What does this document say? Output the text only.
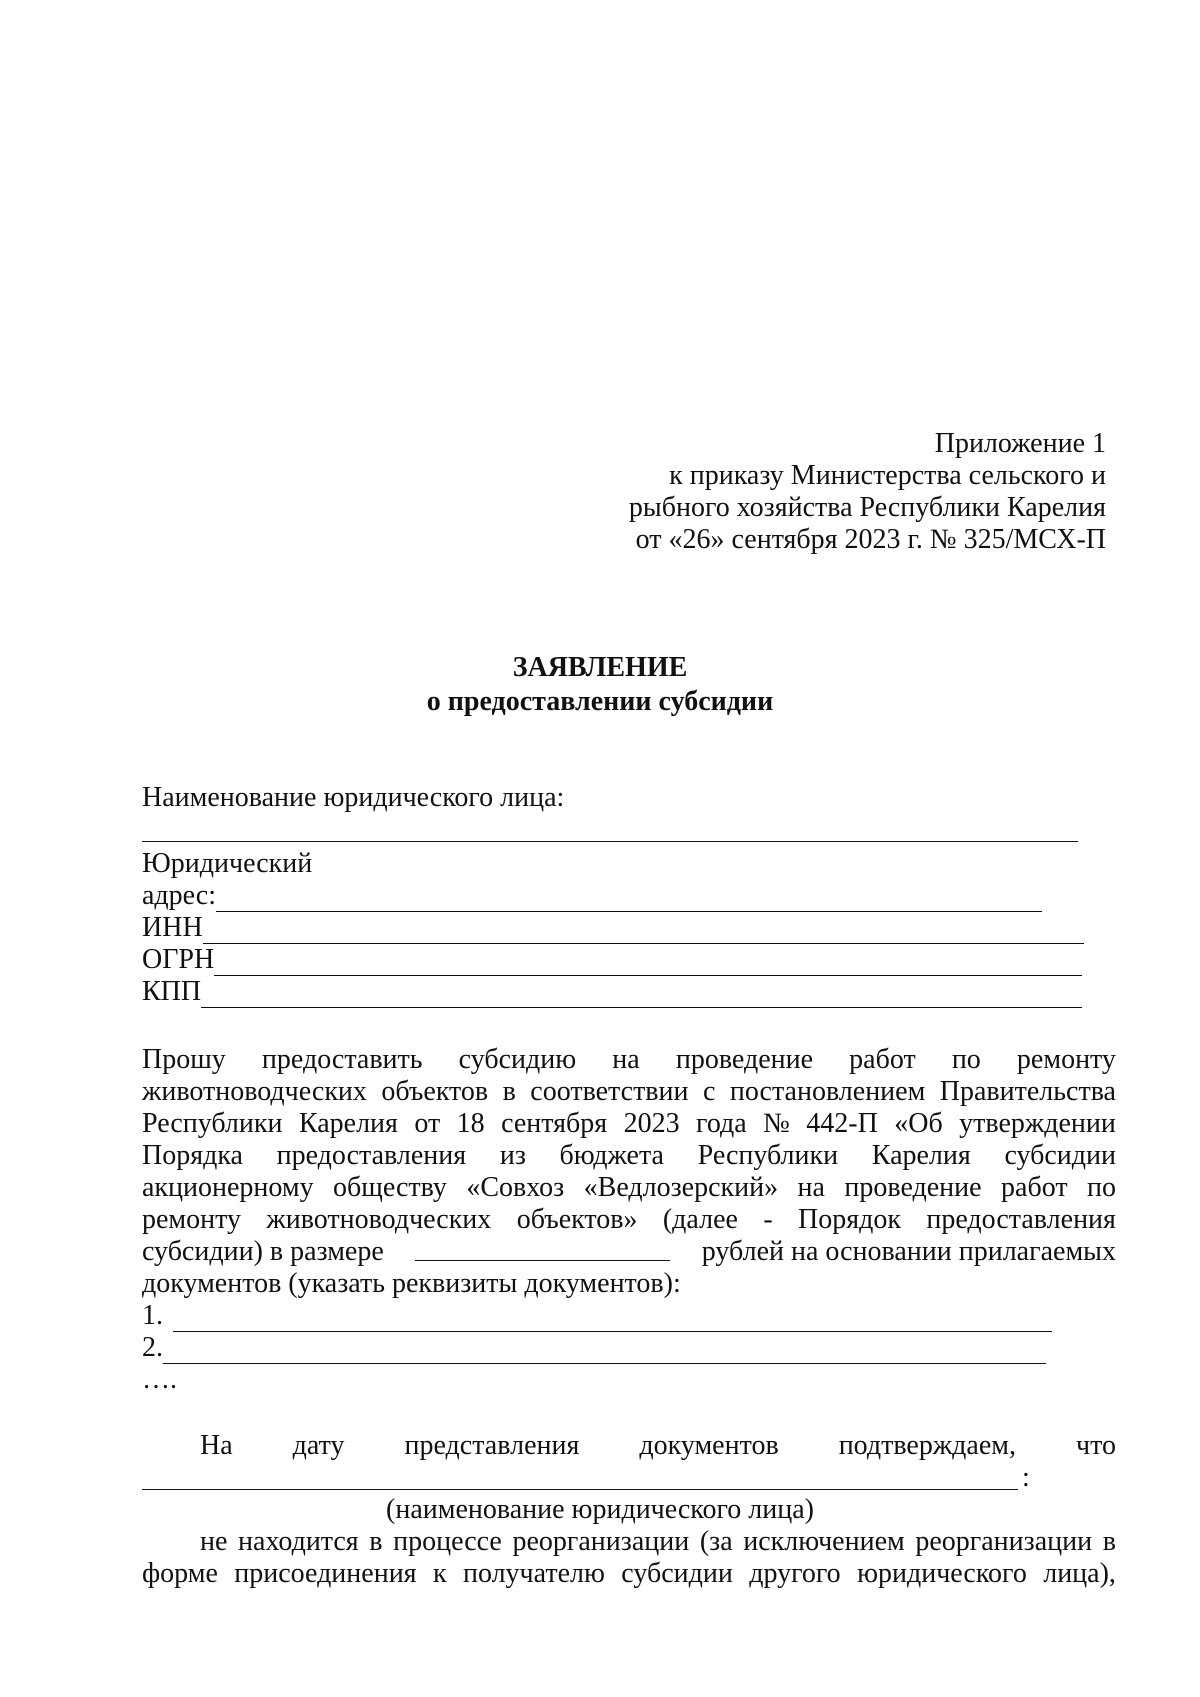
Приложение 1
к приказу Министерства сельского и
рыбного хозяйства Республики Карелия
от «26» сентября 2023 г. № 325/МСХ-П
ЗАЯВЛЕНИЕ
о предоставлении субсидии
Наименование юридического лица:
Юридический
адрес:
ИНН
ОГРН
КПП
Прошу предоставить субсидию на проведение работ по ремонту
животноводческих объектов в соответствии с постановлением Правительства
Республики Карелия от 18 сентября 2023 года № 442-П «Об утверждении
Порядка предоставления из бюджета Республики Карелия субсидии
акционерному обществу «Совхоз «Ведлозерский» на проведение работ по
ремонту животноводческих объектов» (далее - Порядок предоставления
субсидии) в размере	рублей на основании прилагаемых
документов (указать реквизиты документов):
1.
2.
….
На дату представления документов подтверждаем, что
:
(наименование юридического лица)
не находится в процессе реорганизации (за исключением реорганизации в
форме присоединения к получателю субсидии другого юридического лица),
